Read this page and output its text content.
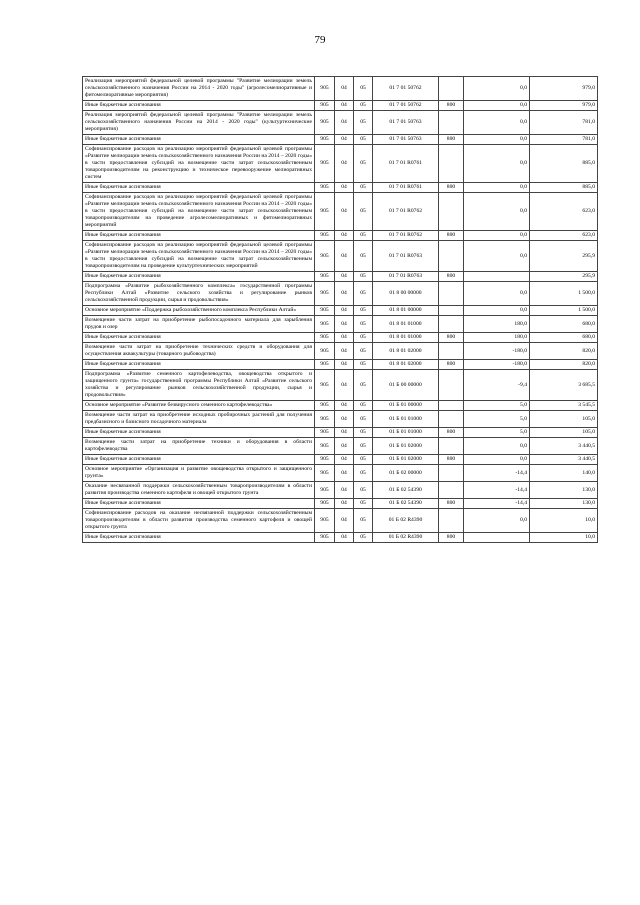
79
Реализация мероприятий федеральной целевой программы "Развитие мелиорации земель сельскохозяйственного назначения России на 2014 - 2020 годы" (агролесомелиоративные и фитомелиоративные мероприятия)	905	04	05	01 7 01 50762		0,0	979,0
Иные бюджетные ассигнования	905	04	05	01 7 01 50762	800	0,0	979,0
Реализация мероприятий федеральной целевой программы "Развитие мелиорации земель сельскохозяйственного назначения России на 2014 - 2020 годы" (культуртехнические мероприятия)	905	04	05	01 7 01 50763		0,0	781,0
Иные бюджетные ассигнования	905	04	05	01 7 01 50763	800	0,0	781,0
Софинансирование расходов на реализацию мероприятий федеральной целевой программы «Развитие мелиорации земель сельскохозяйственного назначения России на 2014 – 2020 годы» в части предоставления субсидий на возмещение части затрат сельскохозяйственным товаропроизводителям на реконструкцию и техническое перевооружение мелиоративных систем	905	04	05	01 7 01 R0761		0,0	885,0
Иные бюджетные ассигнования	905	04	05	01 7 01 R0761	800	0,0	885,0
Софинансирование расходов на реализацию мероприятий федеральной целевой программы «Развитие мелиорации земель сельскохозяйственного назначения России на 2014 – 2020 годы» в части предоставления субсидий на возмещение части затрат сельскохозяйственным товаропроизводителям на проведение агролесомелиоративных и фитомелиоративных мероприятий	905	04	05	01 7 01 R0762		0,0	623,0
Иные бюджетные ассигнования	905	04	05	01 7 01 R0762	800	0,0	623,0
Софинансирование расходов на реализацию мероприятий федеральной целевой программы «Развитие мелиорации земель сельскохозяйственного назначения России на 2014 – 2020 годы» в части предоставления субсидий на возмещение части затрат сельскохозяйственным товаропроизводителям на проведение культуртехнических мероприятий	905	04	05	01 7 01 R0763		0,0	295,9
Иные бюджетные ассигнования	905	04	05	01 7 01 R0763	800		295,9
Подпрограмма «Развитие рыбохозяйственного комплекса» государственной программы Республики Алтай «Развитие сельского хозяйства и регулирование рынков сельскохозяйственной продукции, сырья и продовольствия»	905	04	05	01 8 00 00000		0,0	1 500,0
Основное мероприятие «Поддержка рыбохозяйственного комплекса Республики Алтай»	905	04	05	01 8 01 00000		0,0	1 500,0
Возмещение части затрат на приобретение рыбопосадочного материала для зарыбления прудов и озер	905	04	05	01 8 01 01000		180,0	680,0
Иные бюджетные ассигнования	905	04	05	01 8 01 01000	800	180,0	680,0
Возмещение части затрат на приобретение технических средств и оборудования для осуществления аквакультуры (товарного рыбоводства)	905	04	05	01 8 01 02000		-180,0	820,0
Иные бюджетные ассигнования	905	04	05	01 8 01 02000	800	-180,0	820,0
Подпрограмма «Развитие семенного картофелеводства, овощеводства открытого и защищенного грунта» государственной программы Республики Алтай «Развитие сельского хозяйства и регулирование рынков сельскохозяйственной продукции, сырья и продовольствия»	905	04	05	01 Б 00 00000		-9,4	3 685,5
Основное мероприятие «Развитие безвирусного семенного картофелеводства»	905	04	05	01 Б 01 00000		5,0	3 545,5
Возмещение части затрат на приобретение исходных пробирочных растений для получения предбазисного и базисного посадочного материала	905	04	05	01 Б 01 01000		5,0	105,0
Иные бюджетные ассигнования	905	04	05	01 Б 01 01000	800	5,0	105,0
Возмещение части затрат на приобретение техники и оборудования в области картофелеводства	905	04	05	01 Б 01 02000		0,0	3 440,5
Иные бюджетные ассигнования	905	04	05	01 Б 01 02000	800	0,0	3 440,5
Основное мероприятие «Организация и развитие овощеводства открытого и защищенного грунта»	905	04	05	01 Б 02 00000		-14,4	140,0
Оказание несвязанной поддержки сельскохозяйственным товаропроизводителям в области развития производства семенного картофеля и овощей открытого грунта	905	04	05	01 Б 02 54390		-14,4	130,0
Иные бюджетные ассигнования	905	04	05	01 Б 02 54390	800	-14,4	130,0
Софинансирование расходов на оказание несвязанной поддержки сельскохозяйственным товаропроизводителям в области развития производства семенного картофеля и овощей открытого грунта	905	04	05	01 Б 02 R4390		0,0	10,0
Иные бюджетные ассигнования	905	04	05	01 Б 02 R4390	800		10,0
